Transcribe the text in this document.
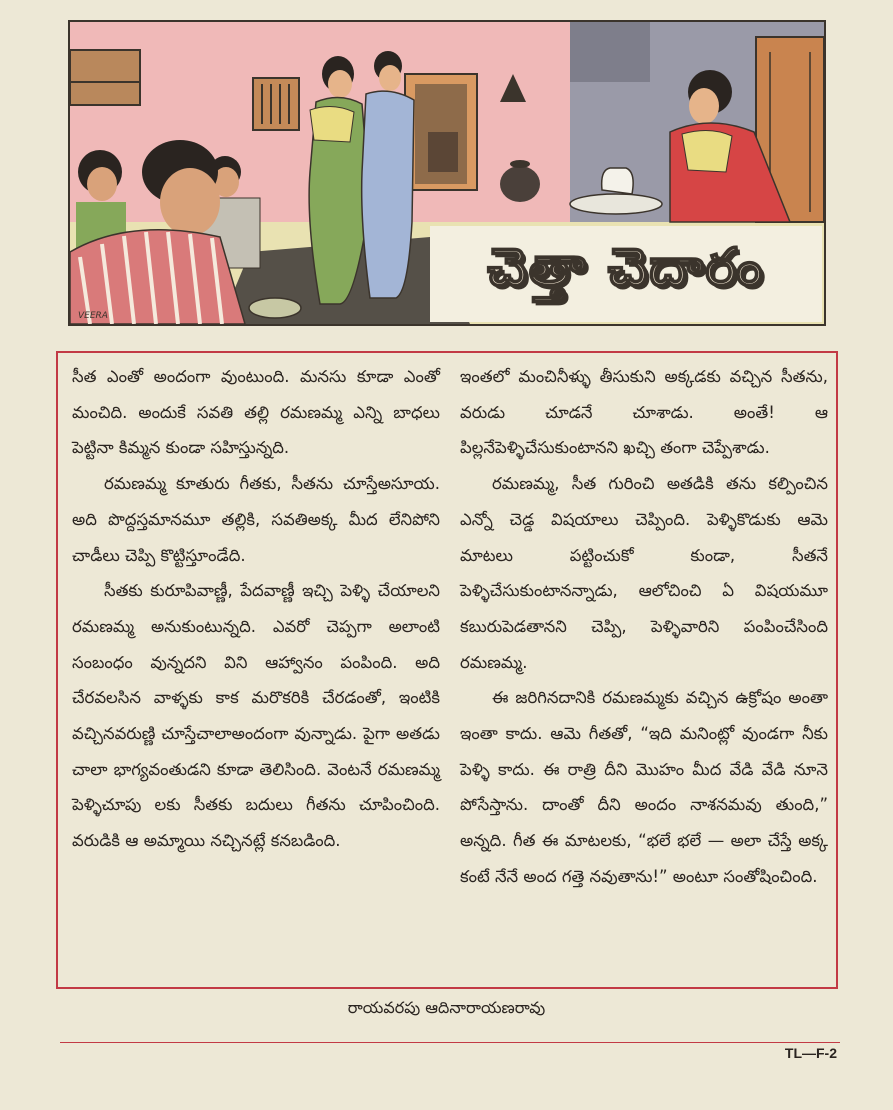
VEERA
చెత్తా చెదారం

సీత ఎంతో అందంగా వుంటుంది. మనసు కూడా ఎంతో మంచిది. అందుకే సవతి తల్లి రమణమ్మ ఎన్ని బాధలు పెట్టినా కిమ్మన కుండా సహిస్తున్నది.

రమణమ్మ కూతురు గీతకు, సీతను చూస్తేఅసూయ. అది పొద్దస్తమానమూ తల్లికి, సవతిఅక్క మీద లేనిపోని చాడీలు చెప్పి కొట్టిస్తూండేది.

సీతకు కురూపివాణ్ణీ, పేదవాణ్ణీ ఇచ్చి పెళ్ళి చేయాలని రమణమ్మ అనుకుంటున్నది. ఎవరో చెప్పగా అలాంటి సంబంధం వున్నదని విని ఆహ్వానం పంపింది. అది చేరవలసిన వాళ్ళకు కాక మరొకరికి చేరడంతో, ఇంటికి వచ్చినవరుణ్ణి చూస్తేచాలాఅందంగా వున్నాడు. పైగా అతడు చాలా భాగ్యవంతుడని కూడా తెలిసింది. వెంటనే రమణమ్మ పెళ్ళిచూపు లకు సీతకు బదులు గీతను చూపించింది. వరుడికి ఆ అమ్మాయి నచ్చినట్లే కనబడింది.

ఇంతలో మంచినీళ్ళు తీసుకుని అక్కడకు వచ్చిన సీతను, వరుడు చూడనే చూశాడు. అంతే! ఆ పిల్లనేపెళ్ళిచేసుకుంటానని ఖచ్చి తంగా చెప్పేశాడు.

రమణమ్మ, సీత గురించి అతడికి తను కల్పించిన ఎన్నో చెడ్డ విషయాలు చెప్పింది. పెళ్ళికొడుకు ఆమె మాటలు పట్టించుకో కుండా, సీతనే పెళ్ళిచేసుకుంటానన్నాడు, ఆలోచించి ఏ విషయమూ కబురుపెడతానని చెప్పి, పెళ్ళివారిని పంపించేసింది రమణమ్మ.

ఈ జరిగినదానికి రమణమ్మకు వచ్చిన ఉక్రోషం అంతా ఇంతా కాదు. ఆమె గీతతో, “ఇది మనింట్లో వుండగా నీకు పెళ్ళి కాదు. ఈ రాత్రి దీని మొహం మీద వేడి వేడి నూనె పోసేస్తాను. దాంతో దీని అందం నాశనమవు తుంది,” అన్నది. గీత ఈ మాటలకు, “భలే భలే — అలా చేస్తే అక్క కంటే నేనే అంద గత్తె నవుతాను!” అంటూ సంతోషించింది.

రాయవరపు ఆదినారాయణరావు
TL—F-2
